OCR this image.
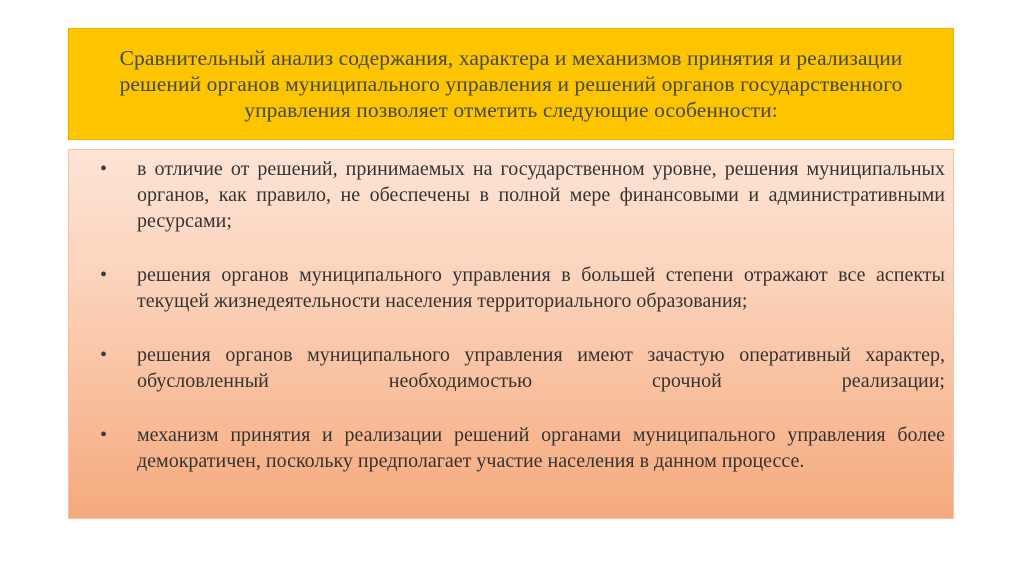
Сравнительный анализ содержания, характера и механизмов принятия и реализации решений органов муниципального управления и решений органов государственного управления позволяет отметить следующие особенности:
• в отличие от решений, принимаемых на государственном уровне, решения муниципальных органов, как правило, не обеспечены в полной мере финансовыми и административными ресурсами;
• решения органов муниципального управления в большей степени отражают все аспекты текущей жизнедеятельности населения территориального образования;
• решения органов муниципального управления имеют зачастую оперативный характер, обусловленный необходимостью срочной реализации;
• механизм принятия и реализации решений органами муниципального управления более демократичен, поскольку предполагает участие населения в данном процессе.
